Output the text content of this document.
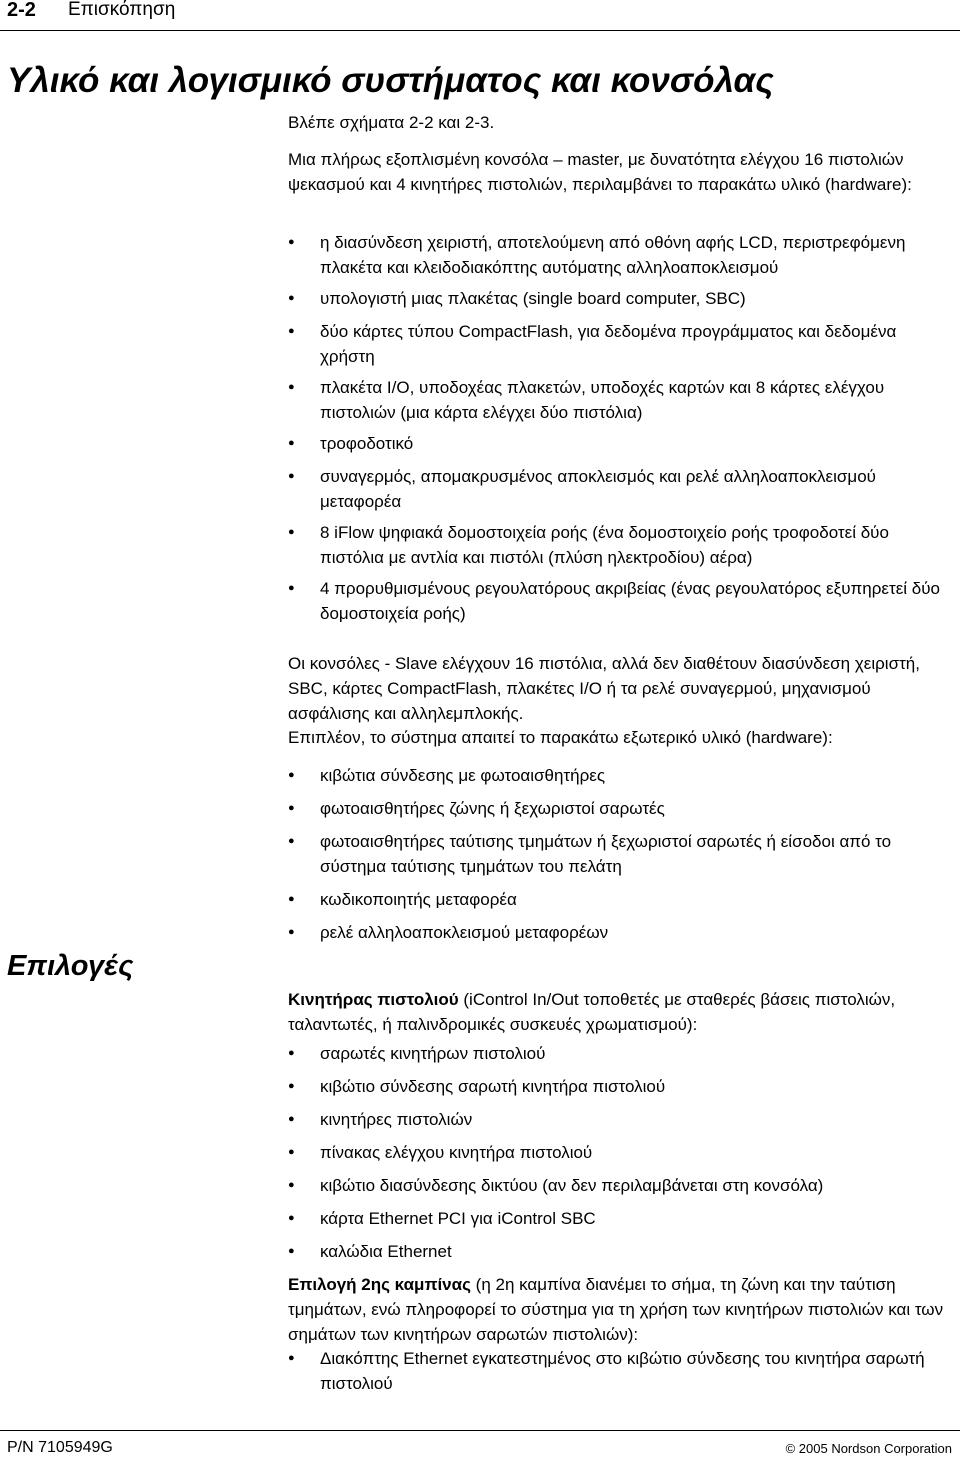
2-2 Επισκόπηση
Υλικό και λογισμικό συστήματος και κονσόλας

Βλέπε σχήματα 2-2 και 2-3.

Μια πλήρως εξοπλισμένη κονσόλα – master, με δυνατότητα ελέγχου 16 πιστολιών ψεκασμού και 4 κινητήρες πιστολιών, περιλαμβάνει το παρακάτω υλικό (hardware):

● η διασύνδεση χειριστή, αποτελούμενη από οθόνη αφής LCD, περιστρεφόμενη πλακέτα και κλειδοδιακόπτης αυτόματης αλληλοαποκλεισμού
● υπολογιστή μιας πλακέτας (single board computer, SBC)
● δύο κάρτες τύπου CompactFlash, για δεδομένα προγράμματος και δεδομένα χρήστη
● πλακέτα I/O, υποδοχέας πλακετών, υποδοχές καρτών και 8 κάρτες ελέγχου πιστολιών (μια κάρτα ελέγχει δύο πιστόλια)
● τροφοδοτικό
● συναγερμός, απομακρυσμένος αποκλεισμός και ρελέ αλληλοαποκλεισμού μεταφορέα
● 8 iFlow ψηφιακά δομοστοιχεία ροής (ένα δομοστοιχείο ροής τροφοδοτεί δύο πιστόλια με αντλία και πιστόλι (πλύση ηλεκτροδίου) αέρα)
● 4 προρυθμισμένους ρεγουλατόρους ακριβείας (ένας ρεγουλατόρος εξυπηρετεί δύο δομοστοιχεία ροής)

Οι κονσόλες - Slave ελέγχουν 16 πιστόλια, αλλά δεν διαθέτουν διασύνδεση χειριστή, SBC, κάρτες CompactFlash, πλακέτες I/O ή τα ρελέ συναγερμού, μηχανισμού ασφάλισης και αλληλεμπλοκής.

Επιπλέον, το σύστημα απαιτεί το παρακάτω εξωτερικό υλικό (hardware):

● κιβώτια σύνδεσης με φωτοαισθητήρες
● φωτοαισθητήρες ζώνης ή ξεχωριστοί σαρωτές
● φωτοαισθητήρες ταύτισης τμημάτων ή ξεχωριστοί σαρωτές ή είσοδοι από το σύστημα ταύτισης τμημάτων του πελάτη
● κωδικοποιητής μεταφορέα
● ρελέ αλληλοαποκλεισμού μεταφορέων
Επιλογές

Κινητήρας πιστολιού (iControl In/Out τοποθετές με σταθερές βάσεις πιστολιών, ταλαντωτές, ή παλινδρομικές συσκευές χρωματισμού):

● σαρωτές κινητήρων πιστολιού
● κιβώτιο σύνδεσης σαρωτή κινητήρα πιστολιού
● κινητήρες πιστολιών
● πίνακας ελέγχου κινητήρα πιστολιού
● κιβώτιο διασύνδεσης δικτύου (αν δεν περιλαμβάνεται στη κονσόλα)
● κάρτα Ethernet PCI για iControl SBC
● καλώδια Ethernet

Επιλογή 2ης καμπίνας (η 2η καμπίνα διανέμει το σήμα, τη ζώνη και την ταύτιση τμημάτων, ενώ πληροφορεί το σύστημα για τη χρήση των κινητήρων πιστολιών και των σημάτων των κινητήρων σαρωτών πιστολιών):

● Διακόπτης Ethernet εγκατεστημένος στο κιβώτιο σύνδεσης του κινητήρα σαρωτή πιστολιού
P/N 7105949G	© 2005 Nordson Corporation
